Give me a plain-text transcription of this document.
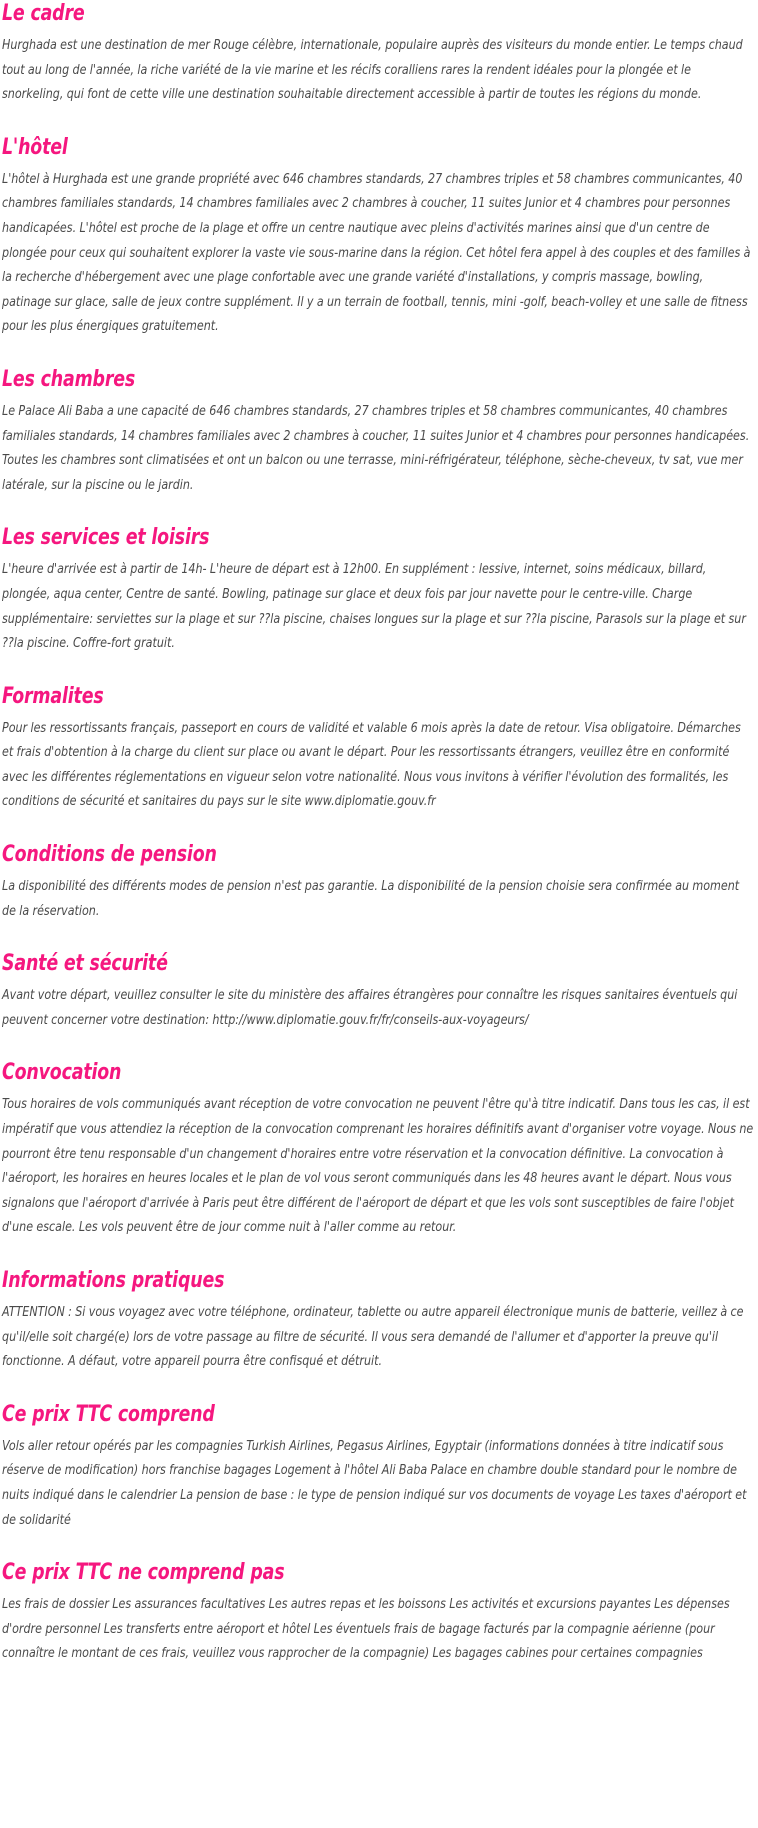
Le cadre

Hurghada est une destination de mer Rouge célèbre, internationale, populaire auprès des visiteurs du monde entier. Le temps chaud tout au long de l'année, la riche variété de la vie marine et les récifs coralliens rares la rendent idéales pour la plongée et le snorkeling, qui font de cette ville une destination souhaitable directement accessible à partir de toutes les régions du monde.

L'hôtel

L'hôtel à Hurghada est une grande propriété avec 646 chambres standards, 27 chambres triples et 58 chambres communicantes, 40 chambres familiales standards, 14 chambres familiales avec 2 chambres à coucher, 11 suites Junior et 4 chambres pour personnes handicapées. L'hôtel est proche de la plage et offre un centre nautique avec pleins d'activités marines ainsi que d'un centre de plongée pour ceux qui souhaitent explorer la vaste vie sous-marine dans la région. Cet hôtel fera appel à des couples et des familles à la recherche d'hébergement avec une plage confortable avec une grande variété d'installations, y compris massage, bowling, patinage sur glace, salle de jeux contre supplément. Il y a un terrain de football, tennis, mini -golf, beach-volley et une salle de fitness pour les plus énergiques gratuitement.

Les chambres

Le Palace Ali Baba a une capacité de 646 chambres standards, 27 chambres triples et 58 chambres communicantes, 40 chambres familiales standards, 14 chambres familiales avec 2 chambres à coucher, 11 suites Junior et 4 chambres pour personnes handicapées. Toutes les chambres sont climatisées et ont un balcon ou une terrasse, mini-réfrigérateur, téléphone, sèche-cheveux, tv sat, vue mer latérale, sur la piscine ou le jardin.

Les services et loisirs

L'heure d'arrivée est à partir de 14h- L'heure de départ est à 12h00. En supplément : lessive, internet, soins médicaux, billard, plongée, aqua center, Centre de santé. Bowling, patinage sur glace et deux fois par jour navette pour le centre-ville. Charge supplémentaire: serviettes sur la plage et sur ??la piscine, chaises longues sur la plage et sur ??la piscine, Parasols sur la plage et sur ??la piscine. Coffre-fort gratuit.

Formalites

Pour les ressortissants français, passeport en cours de validité et valable 6 mois après la date de retour. Visa obligatoire. Démarches et frais d'obtention à la charge du client sur place ou avant le départ. Pour les ressortissants étrangers, veuillez être en conformité avec les différentes réglementations en vigueur selon votre nationalité. Nous vous invitons à vérifier l'évolution des formalités, les conditions de sécurité et sanitaires du pays sur le site www.diplomatie.gouv.fr

Conditions de pension

La disponibilité des différents modes de pension n'est pas garantie. La disponibilité de la pension choisie sera confirmée au moment de la réservation.

Santé et sécurité

Avant votre départ, veuillez consulter le site du ministère des affaires étrangères pour connaître les risques sanitaires éventuels qui peuvent concerner votre destination: http://www.diplomatie.gouv.fr/fr/conseils-aux-voyageurs/

Convocation

Tous horaires de vols communiqués avant réception de votre convocation ne peuvent l'être qu'à titre indicatif. Dans tous les cas, il est impératif que vous attendiez la réception de la convocation comprenant les horaires définitifs avant d'organiser votre voyage. Nous ne pourront être tenu responsable d'un changement d'horaires entre votre réservation et la convocation définitive. La convocation à l'aéroport, les horaires en heures locales et le plan de vol vous seront communiqués dans les 48 heures avant le départ. Nous vous signalons que l'aéroport d'arrivée à Paris peut être différent de l'aéroport de départ et que les vols sont susceptibles de faire l'objet d'une escale. Les vols peuvent être de jour comme nuit à l'aller comme au retour.

Informations pratiques

ATTENTION : Si vous voyagez avec votre téléphone, ordinateur, tablette ou autre appareil électronique munis de batterie, veillez à ce qu'il/elle soit chargé(e) lors de votre passage au filtre de sécurité. Il vous sera demandé de l'allumer et d'apporter la preuve qu'il fonctionne. A défaut, votre appareil pourra être confisqué et détruit.

Ce prix TTC comprend

Vols aller retour opérés par les compagnies Turkish Airlines, Pegasus Airlines, Egyptair (informations données à titre indicatif sous réserve de modification) hors franchise bagages Logement à l'hôtel Ali Baba Palace en chambre double standard pour le nombre de nuits indiqué dans le calendrier La pension de base : le type de pension indiqué sur vos documents de voyage Les taxes d'aéroport et de solidarité

Ce prix TTC ne comprend pas

Les frais de dossier Les assurances facultatives Les autres repas et les boissons Les activités et excursions payantes Les dépenses d'ordre personnel Les transferts entre aéroport et hôtel Les éventuels frais de bagage facturés par la compagnie aérienne (pour connaître le montant de ces frais, veuillez vous rapprocher de la compagnie) Les bagages cabines pour certaines compagnies
